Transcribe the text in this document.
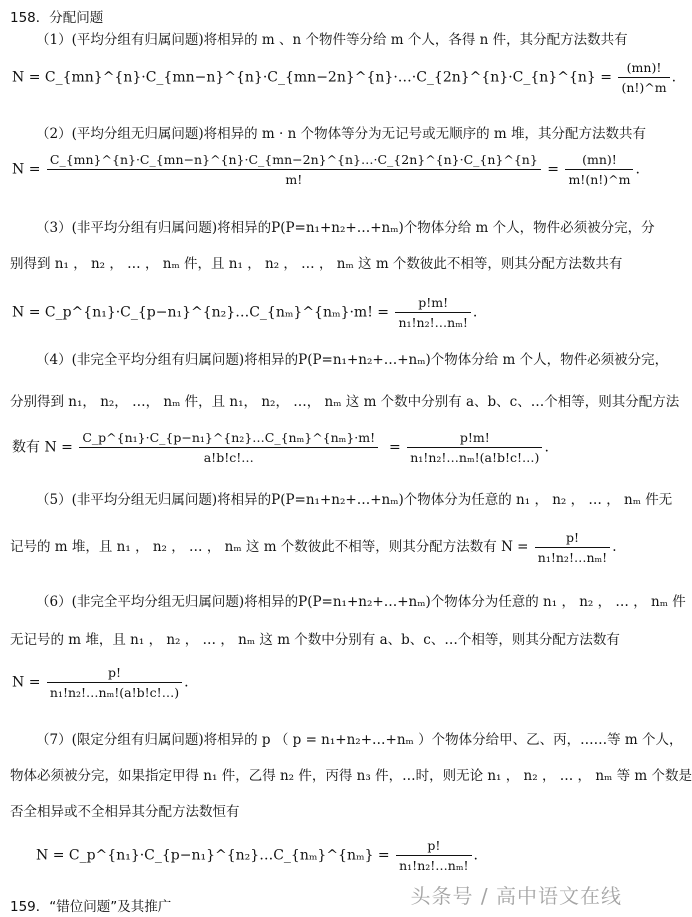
158．分配问题
（1）(平均分组有归属问题)将相异的 m 、n 个物件等分给 m 个人，各得 n 件，其分配方法数共有
N = C_{mn}^{n}·C_{mn−n}^{n}·C_{mn−2n}^{n}·…·C_{2n}^{n}·C_{n}^{n} = $\frac{(mn)!}{(n!)\^{}m}$ .
（2）(平均分组无归属问题)将相异的 m · n 个物体等分为无记号或无顺序的 m 堆，其分配方法数共有
$N = \frac{C\_\{mn\}\^{}\{n\}\cdot C\_\{mn-n\}\^{}\{n\}\cdot C\_\{mn-2n\}\^{}\{n\}\dots\cdot C\_\{2n\}\^{}\{n\}\cdot C\_\{n\}\^{}\{n\}}{m!} = \frac{(mn)!}{m!(n!)\^{}m}$ .
（3）(非平均分组有归属问题)将相异的P(P=n₁+n₂+…+nₘ)个物体分给 m 个人，物件必须被分完，分
别得到 n₁ ， n₂ ， … ， nₘ 件，且 n₁ ， n₂ ， … ， nₘ 这 m 个数彼此不相等，则其分配方法数共有
N = C_p^{n₁}·C_{p−n₁}^{n₂}…C_{nₘ}^{nₘ}·m! = $\frac{p!m!}{\text{n₁!n₂!…nₘ!}}$ .
（4）(非完全平均分组有归属问题)将相异的P(P=n₁+n₂+…+nₘ)个物体分给 m 个人，物件必须被分完，
分别得到 n₁， n₂， …， nₘ 件，且 n₁， n₂， …， nₘ 这 m 个数中分别有 a、b、c、…个相等，则其分配方法
数有 $N = \frac{\text{C\_p\textasciicircum{}\{n₁\}·C\_\{p−n₁\}\textasciicircum{}\{n₂\}…C\_\{nₘ\}\textasciicircum{}\{nₘ\}·m!}}{a!b!c!\dots} = \frac{p!m!}{\text{n₁!n₂!…nₘ!(a!b!c!…)}}$ .
（5）(非平均分组无归属问题)将相异的P(P=n₁+n₂+…+nₘ)个物体分为任意的 n₁ ， n₂ ， … ， nₘ 件无
记号的 m 堆，且 n₁ ， n₂ ， … ， nₘ 这 m 个数彼此不相等，则其分配方法数有 $N = \frac{p!}{\text{n₁!n₂!…nₘ!}}$ .
（6）(非完全平均分组无归属问题)将相异的P(P=n₁+n₂+…+nₘ)个物体分为任意的 n₁ ， n₂ ， … ， nₘ 件
无记号的 m 堆，且 n₁ ， n₂ ， … ， nₘ 这 m 个数中分别有 a、b、c、…个相等，则其分配方法数有
$N = \frac{p!}{\text{n₁!n₂!…nₘ!(a!b!c!…)}}$ .
（7）(限定分组有归属问题)将相异的 p （ p = n₁+n₂+…+nₘ ）个物体分给甲、乙、丙，……等 m 个人，
物体必须被分完，如果指定甲得 n₁ 件，乙得 n₂ 件，丙得 n₃ 件，…时，则无论 n₁ ， n₂ ， … ， nₘ 等 m 个数是
否全相异或不全相异其分配方法数恒有
N = C_p^{n₁}·C_{p−n₁}^{n₂}…C_{nₘ}^{nₘ} = $\frac{p!}{\text{n₁!n₂!…nₘ!}}$ .
159．“错位问题”及其推广	头条号 / 高中语文在线
